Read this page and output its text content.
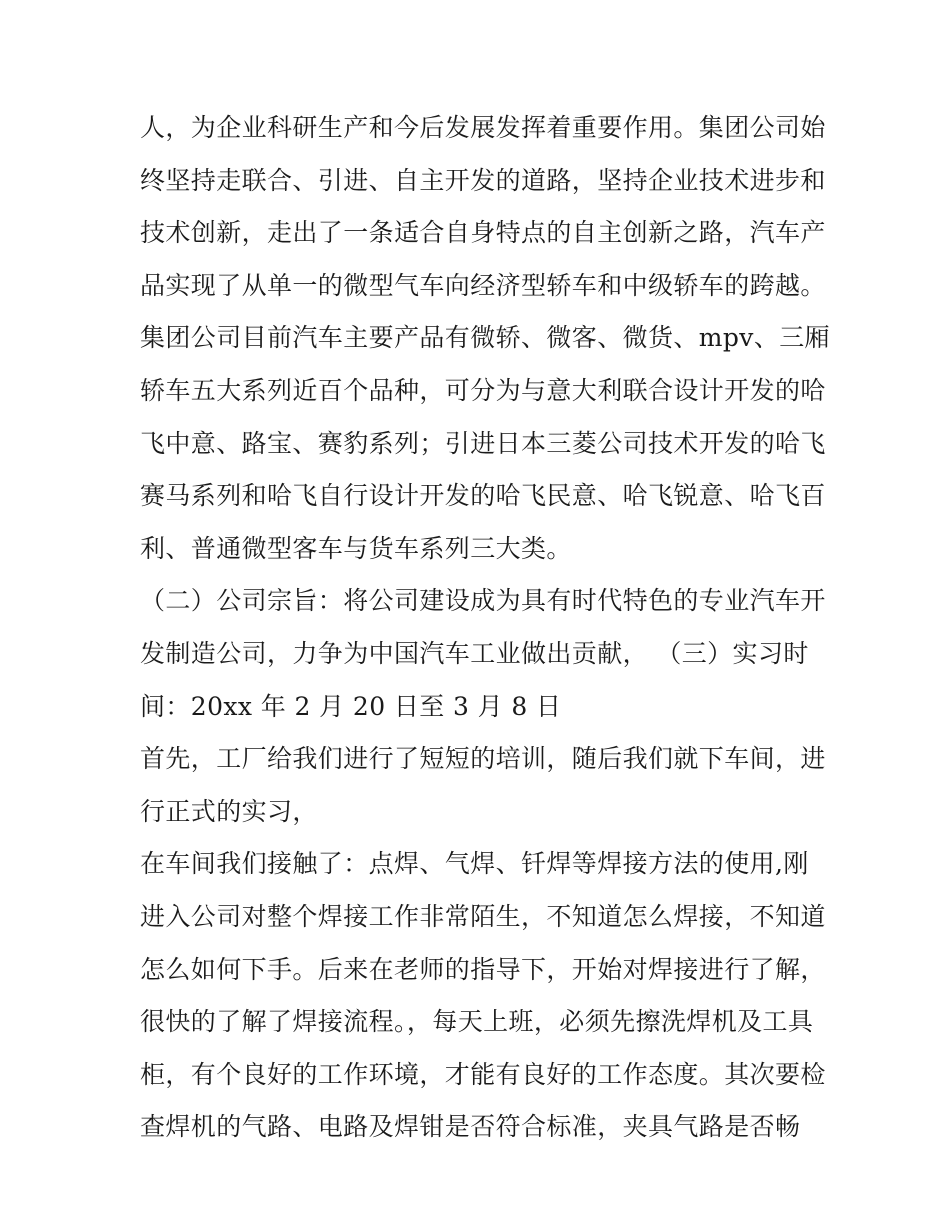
人，为企业科研生产和今后发展发挥着重要作用。集团公司始
终坚持走联合、引进、自主开发的道路，坚持企业技术进步和
技术创新，走出了一条适合自身特点的自主创新之路，汽车产
品实现了从单一的微型气车向经济型轿车和中级轿车的跨越。
集团公司目前汽车主要产品有微轿、微客、微货、mpv、三厢
轿车五大系列近百个品种，可分为与意大利联合设计开发的哈
飞中意、路宝、赛豹系列；引进日本三菱公司技术开发的哈飞
赛马系列和哈飞自行设计开发的哈飞民意、哈飞锐意、哈飞百
利、普通微型客车与货车系列三大类。
（二）公司宗旨：将公司建设成为具有时代特色的专业汽车开
发制造公司，力争为中国汽车工业做出贡献， （三）实习时
间：20xx 年 2 月 20 日至 3 月 8 日
首先，工厂给我们进行了短短的培训，随后我们就下车间，进
行正式的实习，
在车间我们接触了：点焊、气焊、钎焊等焊接方法的使用,刚
进入公司对整个焊接工作非常陌生，不知道怎么焊接，不知道
怎么如何下手。后来在老师的指导下，开始对焊接进行了解，
很快的了解了焊接流程。，每天上班，必须先擦洗焊机及工具
柜，有个良好的工作环境，才能有良好的工作态度。其次要检
查焊机的气路、电路及焊钳是否符合标准，夹具气路是否畅
